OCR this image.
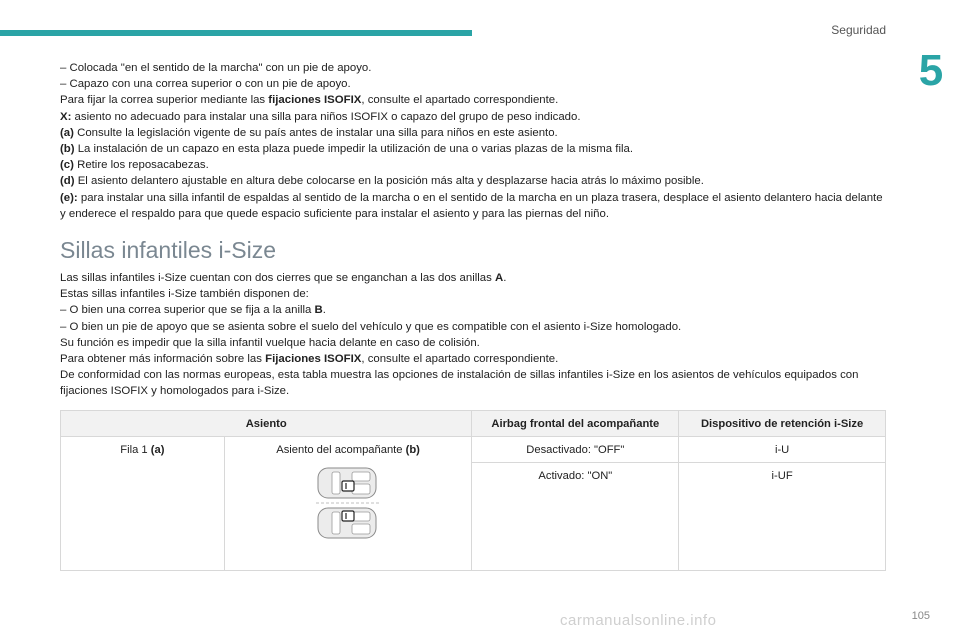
Seguridad
5

– Colocada "en el sentido de la marcha" con un pie de apoyo.

– Capazo con una correa superior o con un pie de apoyo.

Para fijar la correa superior mediante las fijaciones ISOFIX, consulte el apartado correspondiente.

X: asiento no adecuado para instalar una silla para niños ISOFIX o capazo del grupo de peso indicado.

(a) Consulte la legislación vigente de su país antes de instalar una silla para niños en este asiento.

(b) La instalación de un capazo en esta plaza puede impedir la utilización de una o varias plazas de la misma fila.

(c) Retire los reposacabezas.

(d) El asiento delantero ajustable en altura debe colocarse en la posición más alta y desplazarse hacia atrás lo máximo posible.

(e): para instalar una silla infantil de espaldas al sentido de la marcha o en el sentido de la marcha en un plaza trasera, desplace el asiento delantero hacia delante y enderece el respaldo para que quede espacio suficiente para instalar el asiento y para las piernas del niño.

Sillas infantiles i-Size

Las sillas infantiles i-Size cuentan con dos cierres que se enganchan a las dos anillas A.

Estas sillas infantiles i-Size también disponen de:

– O bien una correa superior que se fija a la anilla B.

– O bien un pie de apoyo que se asienta sobre el suelo del vehículo y que es compatible con el asiento i-Size homologado.

Su función es impedir que la silla infantil vuelque hacia delante en caso de colisión.

Para obtener más información sobre las Fijaciones ISOFIX, consulte el apartado correspondiente.

De conformidad con las normas europeas, esta tabla muestra las opciones de instalación de sillas infantiles i-Size en los asientos de vehículos equipados con fijaciones ISOFIX y homologados para i-Size.

Asiento		Airbag frontal del acompañante	Dispositivo de retención i-Size
Fila 1 (a)	Asiento del acompañante (b)	Desactivado: "OFF"	i-U
		Activado: "ON"	i-UF
carmanualsonline.info	105
